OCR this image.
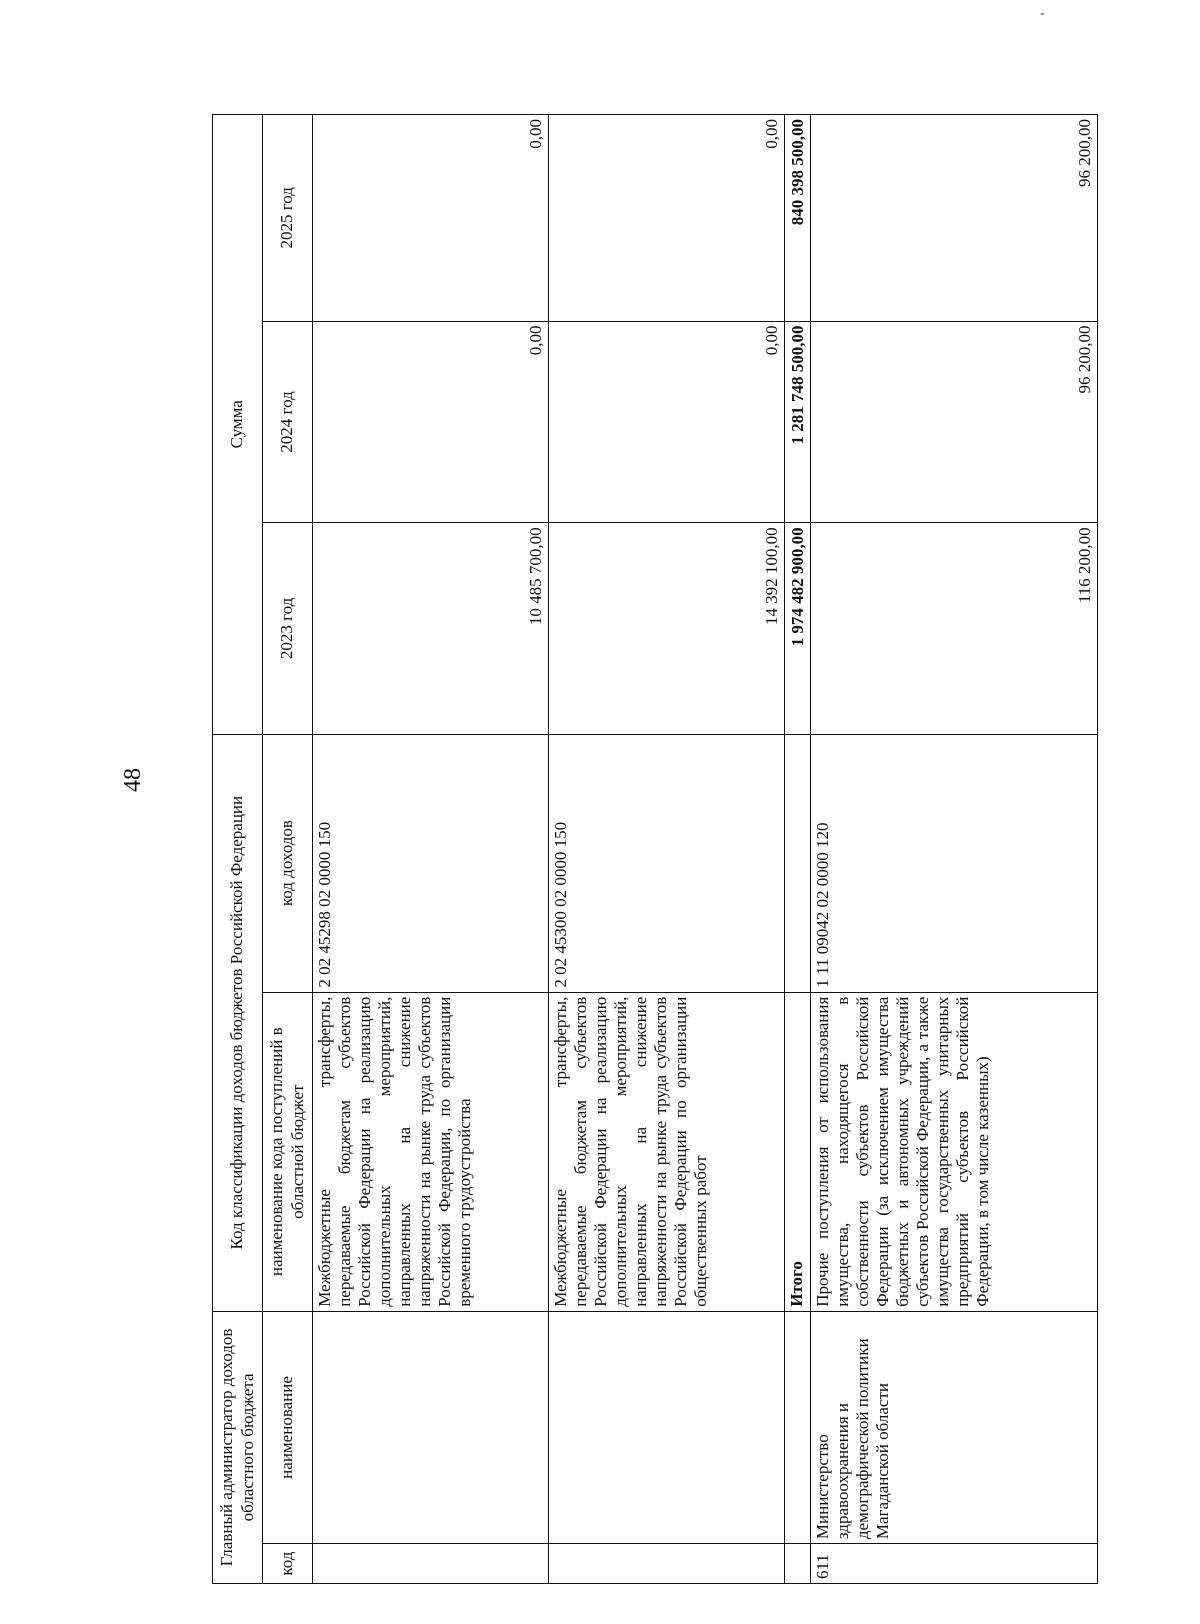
-
48
Главный администратор доходов областного бюджета		Код классификации доходов бюджетов Российской Федерации		Сумма		
код	наименование	наименование кода поступлений в областной бюджет	код доходов	2023 год	2024 год	2025 год
		Межбюджетные трансферты, передаваемые бюджетам субъектов Российской Федерации на реализацию дополнительных мероприятий, направленных на снижение напряженности на рынке труда субъектов Российской Федерации, по организации временного трудоустройства	2 02 45298 02 0000 150	10 485 700,00	0,00	0,00
		Межбюджетные трансферты, передаваемые бюджетам субъектов Российской Федерации на реализацию дополнительных мероприятий, направленных на снижение напряженности на рынке труда субъектов Российской Федерации по организации общественных работ	2 02 45300 02 0000 150	14 392 100,00	0,00	0,00
		Итого		1 974 482 900,00	1 281 748 500,00	840 398 500,00
611	Министерство здравоохранения и демографической политики Магаданской области	Прочие поступления от использования имущества, находящегося в собственности субъектов Российской Федерации (за исключением имущества бюджетных и автономных учреждений субъектов Российской Федерации, а также имущества государственных унитарных предприятий субъектов Российской Федерации, в том числе казенных)	1 11 09042 02 0000 120	116 200,00	96 200,00	96 200,00
